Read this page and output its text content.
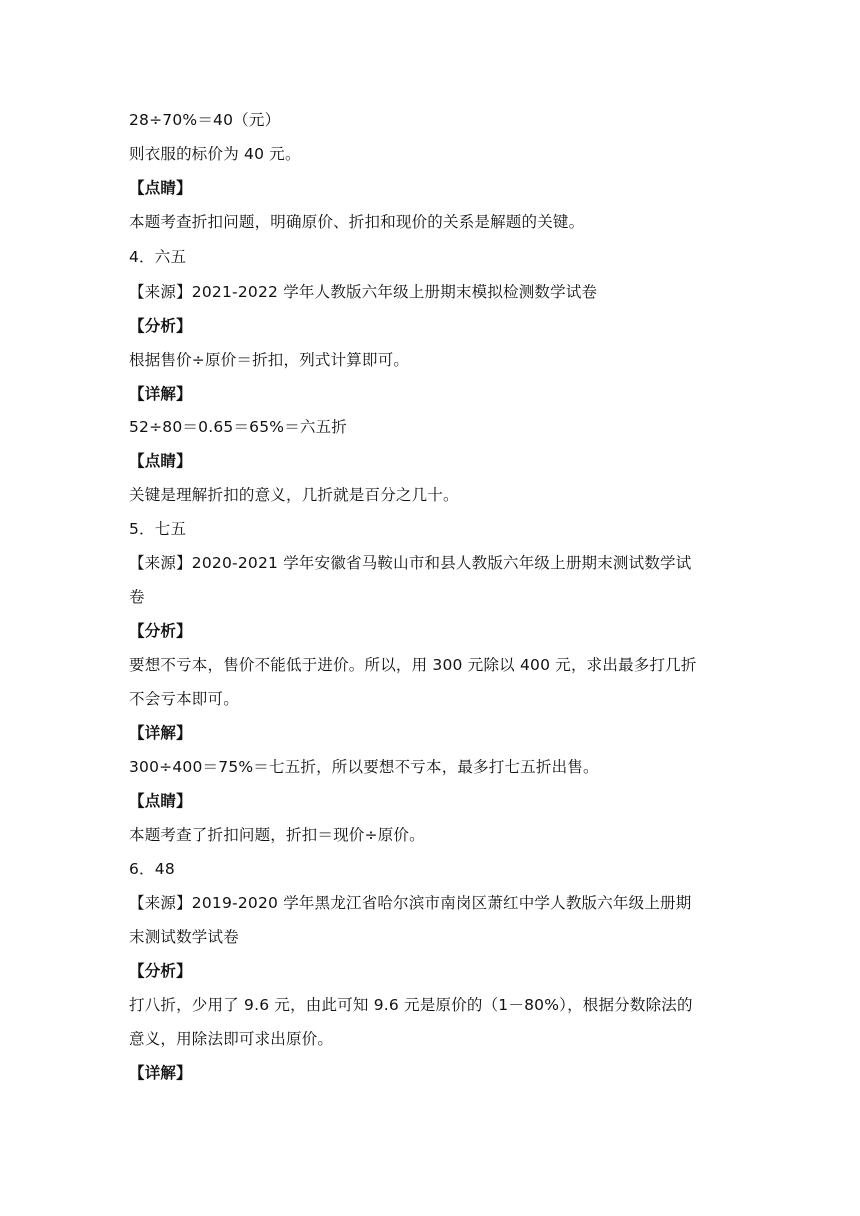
28÷70%＝40（元）
则衣服的标价为 40 元。
【点睛】
本题考查折扣问题，明确原价、折扣和现价的关系是解题的关键。
4．六五
【来源】2021-2022 学年人教版六年级上册期末模拟检测数学试卷
【分析】
根据售价÷原价＝折扣，列式计算即可。
【详解】
52÷80＝0.65＝65%＝六五折
【点睛】
关键是理解折扣的意义，几折就是百分之几十。
5．七五
【来源】2020-2021 学年安徽省马鞍山市和县人教版六年级上册期末测试数学试
卷
【分析】
要想不亏本，售价不能低于进价。所以，用 300 元除以 400 元，求出最多打几折
不会亏本即可。
【详解】
300÷400＝75%＝七五折，所以要想不亏本，最多打七五折出售。
【点睛】
本题考查了折扣问题，折扣＝现价÷原价。
6．48
【来源】2019-2020 学年黑龙江省哈尔滨市南岗区萧红中学人教版六年级上册期
末测试数学试卷
【分析】
打八折，少用了 9.6 元，由此可知 9.6 元是原价的（1－80%），根据分数除法的
意义，用除法即可求出原价。
【详解】
